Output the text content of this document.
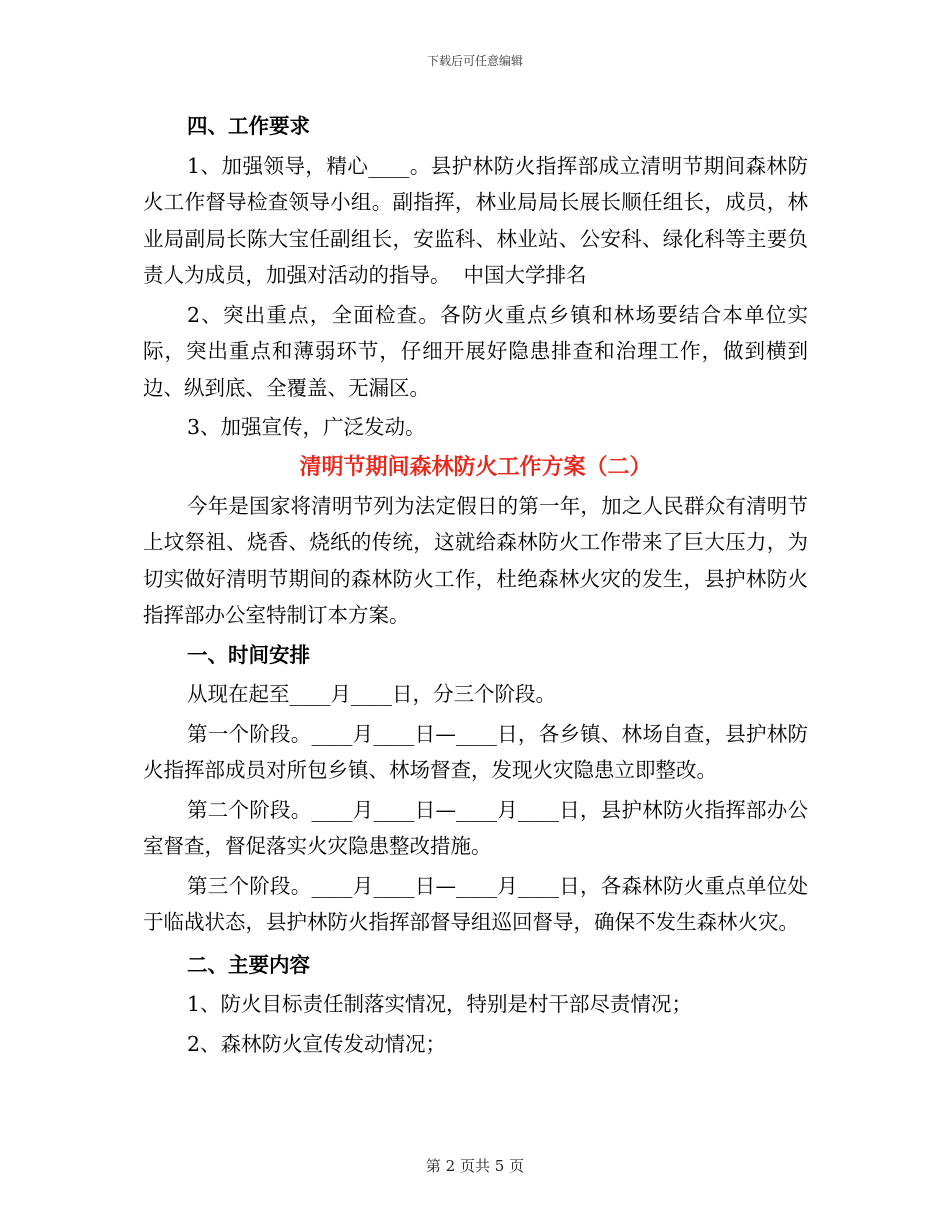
下载后可任意编辑

四、工作要求

1、加强领导，精心____。县护林防火指挥部成立清明节期间森林防火工作督导检查领导小组。副指挥，林业局局长展长顺任组长，成员，林业局副局长陈大宝任副组长，安监科、林业站、公安科、绿化科等主要负责人为成员，加强对活动的指导。  中国大学排名

2、突出重点，全面检查。各防火重点乡镇和林场要结合本单位实际，突出重点和薄弱环节，仔细开展好隐患排查和治理工作，做到横到边、纵到底、全覆盖、无漏区。

3、加强宣传，广泛发动。

清明节期间森林防火工作方案（二）

今年是国家将清明节列为法定假日的第一年，加之人民群众有清明节上坟祭祖、烧香、烧纸的传统，这就给森林防火工作带来了巨大压力，为切实做好清明节期间的森林防火工作，杜绝森林火灾的发生，县护林防火指挥部办公室特制订本方案。

一、时间安排

从现在起至____月____日，分三个阶段。

第一个阶段。____月____日—____日，各乡镇、林场自查，县护林防火指挥部成员对所包乡镇、林场督查，发现火灾隐患立即整改。

第二个阶段。____月____日—____月____日，县护林防火指挥部办公室督查，督促落实火灾隐患整改措施。

第三个阶段。____月____日—____月____日，各森林防火重点单位处于临战状态，县护林防火指挥部督导组巡回督导，确保不发生森林火灾。

二、主要内容

1、防火目标责任制落实情况，特别是村干部尽责情况；

2、森林防火宣传发动情况；

第 2 页共 5 页
